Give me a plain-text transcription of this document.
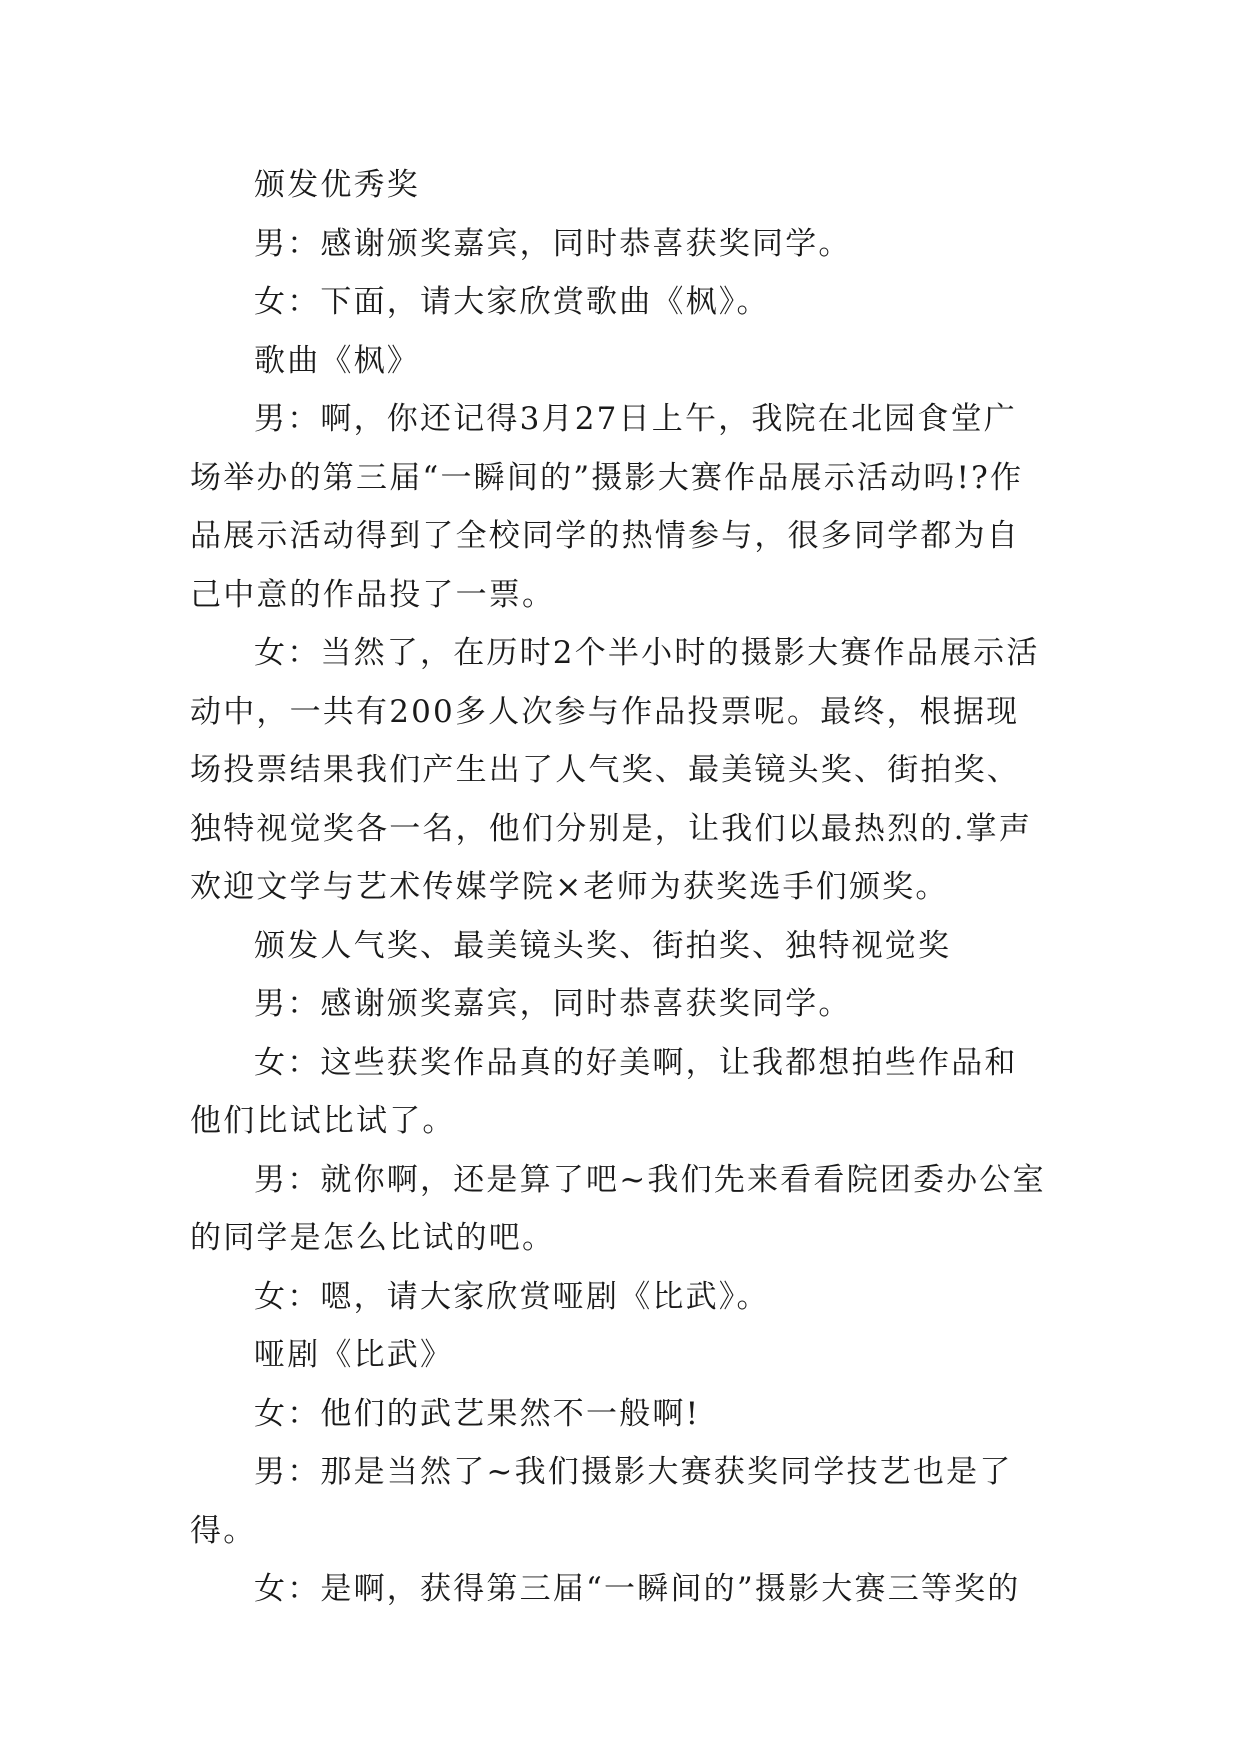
颁发优秀奖

男：感谢颁奖嘉宾，同时恭喜获奖同学。

女：下面，请大家欣赏歌曲《枫》。

歌曲《枫》

男：啊，你还记得3月27日上午，我院在北园食堂广场举办的第三届“一瞬间的”摄影大赛作品展示活动吗!?作品展示活动得到了全校同学的热情参与，很多同学都为自己中意的作品投了一票。

女：当然了，在历时2个半小时的摄影大赛作品展示活动中，一共有200多人次参与作品投票呢。最终，根据现场投票结果我们产生出了人气奖、最美镜头奖、街拍奖、独特视觉奖各一名，他们分别是，让我们以最热烈的.掌声欢迎文学与艺术传媒学院×老师为获奖选手们颁奖。

颁发人气奖、最美镜头奖、街拍奖、独特视觉奖

男：感谢颁奖嘉宾，同时恭喜获奖同学。

女：这些获奖作品真的好美啊，让我都想拍些作品和他们比试比试了。

男：就你啊，还是算了吧~我们先来看看院团委办公室的同学是怎么比试的吧。

女：嗯，请大家欣赏哑剧《比武》。

哑剧《比武》

女：他们的武艺果然不一般啊!

男：那是当然了~我们摄影大赛获奖同学技艺也是了得。

女：是啊，获得第三届“一瞬间的”摄影大赛三等奖的
